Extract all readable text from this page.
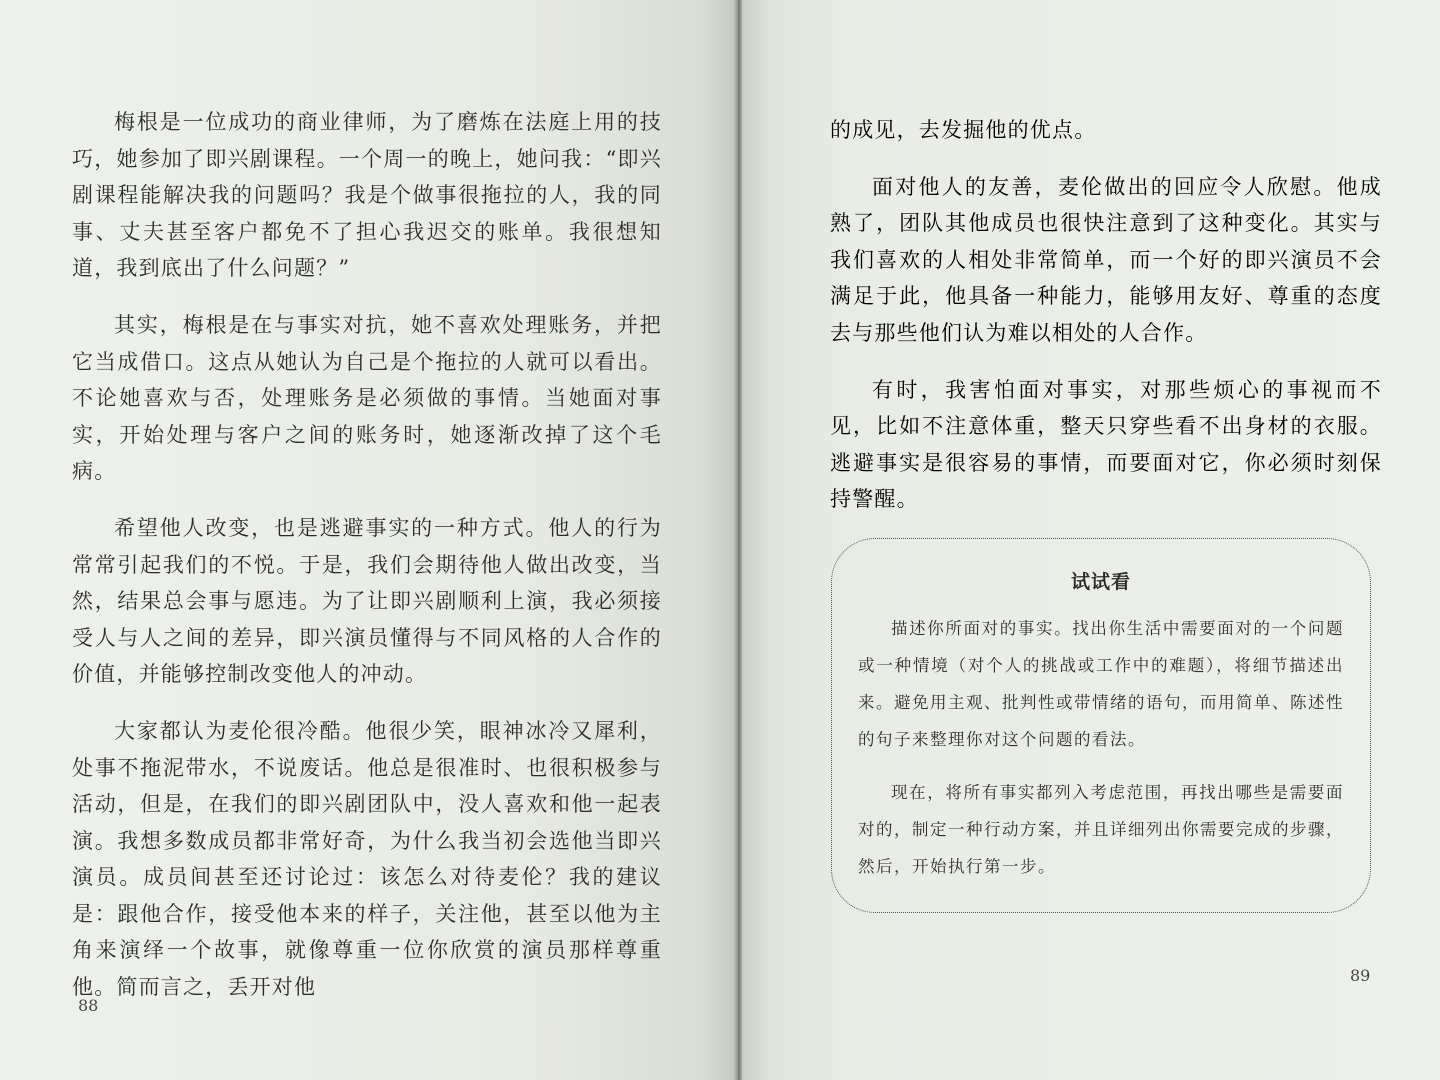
梅根是一位成功的商业律师，为了磨炼在法庭上用的技巧，她参加了即兴剧课程。一个周一的晚上，她问我：“即兴剧课程能解决我的问题吗？我是个做事很拖拉的人，我的同事、丈夫甚至客户都免不了担心我迟交的账单。我很想知道，我到底出了什么问题？”

其实，梅根是在与事实对抗，她不喜欢处理账务，并把它当成借口。这点从她认为自己是个拖拉的人就可以看出。不论她喜欢与否，处理账务是必须做的事情。当她面对事实，开始处理与客户之间的账务时，她逐渐改掉了这个毛病。

希望他人改变，也是逃避事实的一种方式。他人的行为常常引起我们的不悦。于是，我们会期待他人做出改变，当然，结果总会事与愿违。为了让即兴剧顺利上演，我必须接受人与人之间的差异，即兴演员懂得与不同风格的人合作的价值，并能够控制改变他人的冲动。

大家都认为麦伦很冷酷。他很少笑，眼神冰冷又犀利，处事不拖泥带水，不说废话。他总是很准时、也很积极参与活动，但是，在我们的即兴剧团队中，没人喜欢和他一起表演。我想多数成员都非常好奇，为什么我当初会选他当即兴演员。成员间甚至还讨论过：该怎么对待麦伦？我的建议是：跟他合作，接受他本来的样子，关注他，甚至以他为主角来演绎一个故事，就像尊重一位你欣赏的演员那样尊重他。简而言之，丢开对他

88

的成见，去发掘他的优点。

面对他人的友善，麦伦做出的回应令人欣慰。他成熟了，团队其他成员也很快注意到了这种变化。其实与我们喜欢的人相处非常简单，而一个好的即兴演员不会满足于此，他具备一种能力，能够用友好、尊重的态度去与那些他们认为难以相处的人合作。

有时，我害怕面对事实，对那些烦心的事视而不见，比如不注意体重，整天只穿些看不出身材的衣服。逃避事实是很容易的事情，而要面对它，你必须时刻保持警醒。

试试看

描述你所面对的事实。找出你生活中需要面对的一个问题或一种情境（对个人的挑战或工作中的难题），将细节描述出来。避免用主观、批判性或带情绪的语句，而用简单、陈述性的句子来整理你对这个问题的看法。

现在，将所有事实都列入考虑范围，再找出哪些是需要面对的，制定一种行动方案，并且详细列出你需要完成的步骤，然后，开始执行第一步。

89
